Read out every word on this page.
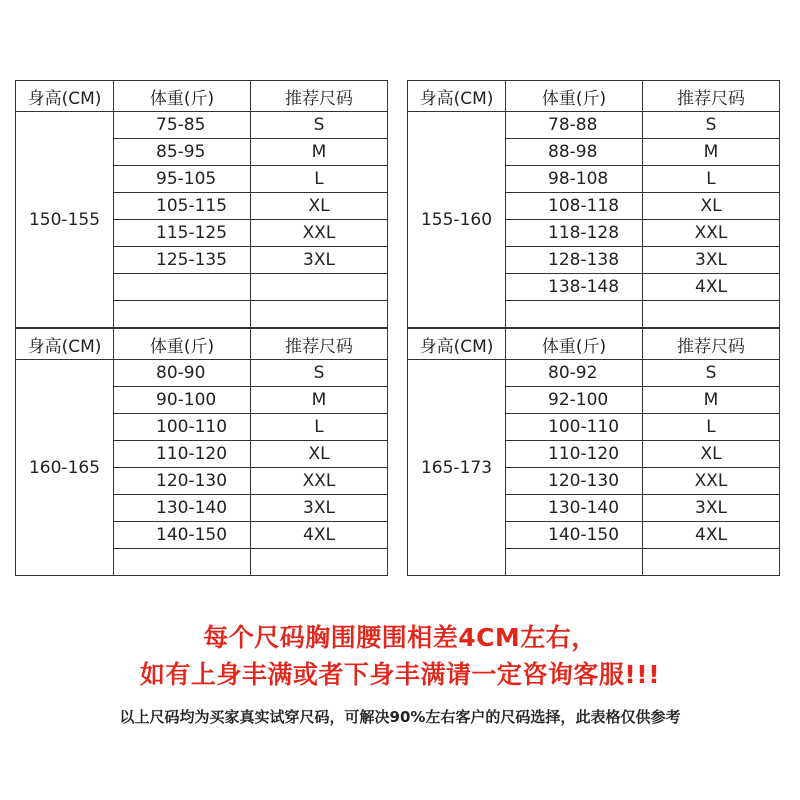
身高(CM)	体重(斤)	推荐尺码
150-155	75-85	S
	85-95	M
	95-105	L
	105-115	XL
	115-125	XXL
	125-135	3XL

身高(CM)	体重(斤)	推荐尺码
155-160	78-88	S
	88-98	M
	98-108	L
	108-118	XL
	118-128	XXL
	128-138	3XL
	138-148	4XL

身高(CM)	体重(斤)	推荐尺码
160-165	80-90	S
	90-100	M
	100-110	L
	110-120	XL
	120-130	XXL
	130-140	3XL
	140-150	4XL

身高(CM)	体重(斤)	推荐尺码
165-173	80-92	S
	92-100	M
	100-110	L
	110-120	XL
	120-130	XXL
	130-140	3XL
	140-150	4XL

每个尺码胸围腰围相差4CM左右，

如有上身丰满或者下身丰满请一定咨询客服!!!

以上尺码均为买家真实试穿尺码，可解决90%左右客户的尺码选择，此表格仅供参考
